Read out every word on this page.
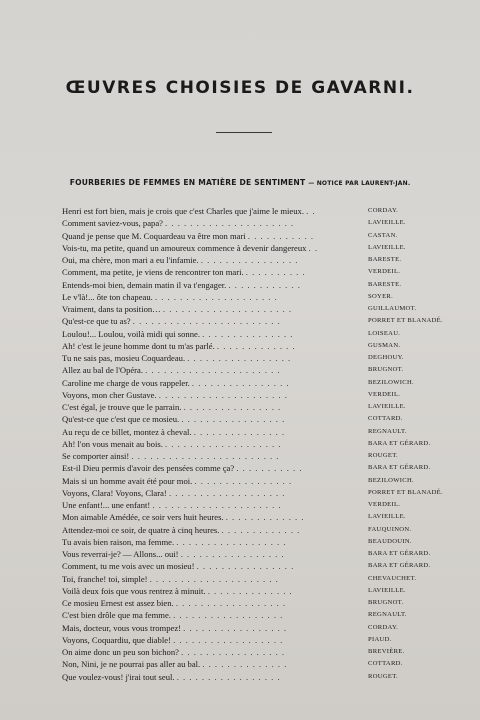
ŒUVRES CHOISIES DE GAVARNI.
FOURBERIES DE FEMMES EN MATIÈRE DE SENTIMENT — NOTICE PAR LAURENT-JAN.
Henri est fort bien, mais je crois que c'est Charles que j'aime le mieux. . .	CORDAY.
Comment saviez-vous, papa? . . . . . . . . . . . . . . . . . . . . .	LAVIEILLE.
Quand je pense que M. Coquardeau va être mon mari . . . . . . . . . . .	CASTAN.
Vois-tu, ma petite, quand un amoureux commence à devenir dangereux . .	LAVIEILLE.
Oui, ma chère, mon mari a eu l'infamie. . . . . . . . . . . . . . . . .	BARESTE.
Comment, ma petite, je viens de rencontrer ton mari. . . . . . . . . . .	VERDEIL.
Entends-moi bien, demain matin il va t'engager. . . . . . . . . . . . .	BARESTE.
Le v'là!... ôte ton chapeau. . . . . . . . . . . . . . . . . . . . .	SOYER.
Vraiment, dans ta position… . . . . . . . . . . . . . . . . . . . . .	GUILLAUMOT.
Qu'est-ce que tu as? . . . . . . . . . . . . . . . . . . . . . . . .	PORRET ET BLANADÉ.
Loulou!... Loulou, voilà midi qui sonne. . . . . . . . . . . . . . . .	LOISEAU.
Ah! c'est le jeune homme dont tu m'as parlé. . . . . . . . . . . . . .	GUSMAN.
Tu ne sais pas, mosieu Coquardeau. . . . . . . . . . . . . . . . . .	DEGHOUY.
Allez au bal de l'Opéra. . . . . . . . . . . . . . . . . . . . . . .	BRUGNOT.
Caroline me charge de vous rappeler. . . . . . . . . . . . . . . . .	BEZILOWICH.
Voyons, mon cher Gustave. . . . . . . . . . . . . . . . . . . . . .	VERDEIL.
C'est égal, je trouve que le parrain. . . . . . . . . . . . . . . . .	LAVIEILLE.
Qu'est-ce que c'est que ce mosieu. . . . . . . . . . . . . . . . . .	COTTARD.
Au reçu de ce billet, montez à cheval. . . . . . . . . . . . . . . .	REGNAULT.
Ah! l'on vous menait au bois. . . . . . . . . . . . . . . . . . . .	BARA ET GÉRARD.
Se comporter ainsi! . . . . . . . . . . . . . . . . . . . . . . . .	ROUGET.
Est-il Dieu permis d'avoir des pensées comme ça? . . . . . . . . . . .	BARA ET GÉRARD.
Mais si un homme avait été pour moi. . . . . . . . . . . . . . . . .	BEZILOWICH.
Voyons, Clara! Voyons, Clara! . . . . . . . . . . . . . . . . . . .	PORRET ET BLANADÉ.
Une enfant!... une enfant! . . . . . . . . . . . . . . . . . . . . .	VERDEIL.
Mon aimable Amédée, ce soir vers huit heures. . . . . . . . . . . . . .	LAVIEILLE.
Attendez-moi ce soir, de quatre à cinq heures. . . . . . . . . . . . . .	FAUQUINON.
Tu avais bien raison, ma femme. . . . . . . . . . . . . . . . . . .	BEAUDOUIN.
Vous reverrai-je? — Allons... oui! . . . . . . . . . . . . . . . . .	BARA ET GÉRARD.
Comment, tu me vois avec un mosieu! . . . . . . . . . . . . . . . .	BARA ET GÉRARD.
Toi, franche! toi, simple! . . . . . . . . . . . . . . . . . . . . .	CHEVAUCHET.
Voilà deux fois que vous rentrez à minuit. . . . . . . . . . . . . . .	LAVIEILLE.
Ce mosieu Ernest est assez bien. . . . . . . . . . . . . . . . . . .	BRUGNOT.
C'est bien drôle que ma femme. . . . . . . . . . . . . . . . . . .	REGNAULT.
Mais, docteur, vous vous trompez! . . . . . . . . . . . . . . . . .	CORDAY.
Voyons, Coquardiu, que diable! . . . . . . . . . . . . . . . . . .	PIAUD.
On aime donc un peu son bichon? . . . . . . . . . . . . . . . . .	BREVIÈRE.
Non, Nini, je ne pourrai pas aller au bal. . . . . . . . . . . . . . .	COTTARD.
Que voulez-vous! j'irai tout seul. . . . . . . . . . . . . . . . . .	ROUGET.
